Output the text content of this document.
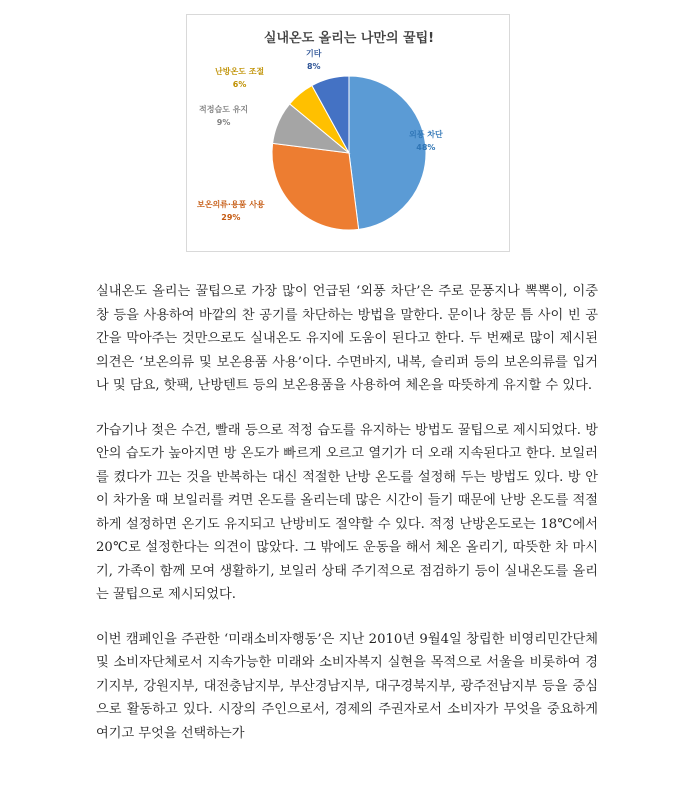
실내온도 올리는 나만의 꿀팁!
외풍 차단
48%
보온의류·용품 사용
29%
적정습도 유지
9%
난방온도 조절
6%
기타
8%

실내온도 올리는 꿀팁으로 가장 많이 언급된 ‘외풍 차단’은 주로 문풍지나 뽁뽁이, 이중창 등을 사용하여 바깥의 찬 공기를 차단하는 방법을 말한다. 문이나 창문 틈 사이 빈 공간을 막아주는 것만으로도 실내온도 유지에 도움이 된다고 한다. 두 번째로 많이 제시된 의견은 ‘보온의류 및 보온용품 사용’이다. 수면바지, 내복, 슬리퍼 등의 보온의류를 입거나 및 담요, 핫팩, 난방텐트 등의 보온용품을 사용하여 체온을 따뜻하게 유지할 수 있다.

가습기나 젖은 수건, 빨래 등으로 적정 습도를 유지하는 방법도 꿀팁으로 제시되었다. 방 안의 습도가 높아지면 방 온도가 빠르게 오르고 열기가 더 오래 지속된다고 한다. 보일러를 켰다가 끄는 것을 반복하는 대신 적절한 난방 온도를 설정해 두는 방법도 있다. 방 안이 차가울 때 보일러를 켜면 온도를 올리는데 많은 시간이 들기 때문에 난방 온도를 적절하게 설정하면 온기도 유지되고 난방비도 절약할 수 있다. 적정 난방온도로는 18℃에서 20℃로 설정한다는 의견이 많았다. 그 밖에도 운동을 해서 체온 올리기, 따뜻한 차 마시기, 가족이 함께 모여 생활하기, 보일러 상태 주기적으로 점검하기 등이 실내온도를 올리는 꿀팁으로 제시되었다.

이번 캠페인을 주관한 ‘미래소비자행동’은 지난 2010년 9월4일 창립한 비영리민간단체 및 소비자단체로서 지속가능한 미래와 소비자복지 실현을 목적으로 서울을 비롯하여 경기지부, 강원지부, 대전충남지부, 부산경남지부, 대구경북지부, 광주전남지부 등을 중심으로 활동하고 있다. 시장의 주인으로서, 경제의 주권자로서 소비자가 무엇을 중요하게 여기고 무엇을 선택하는가
